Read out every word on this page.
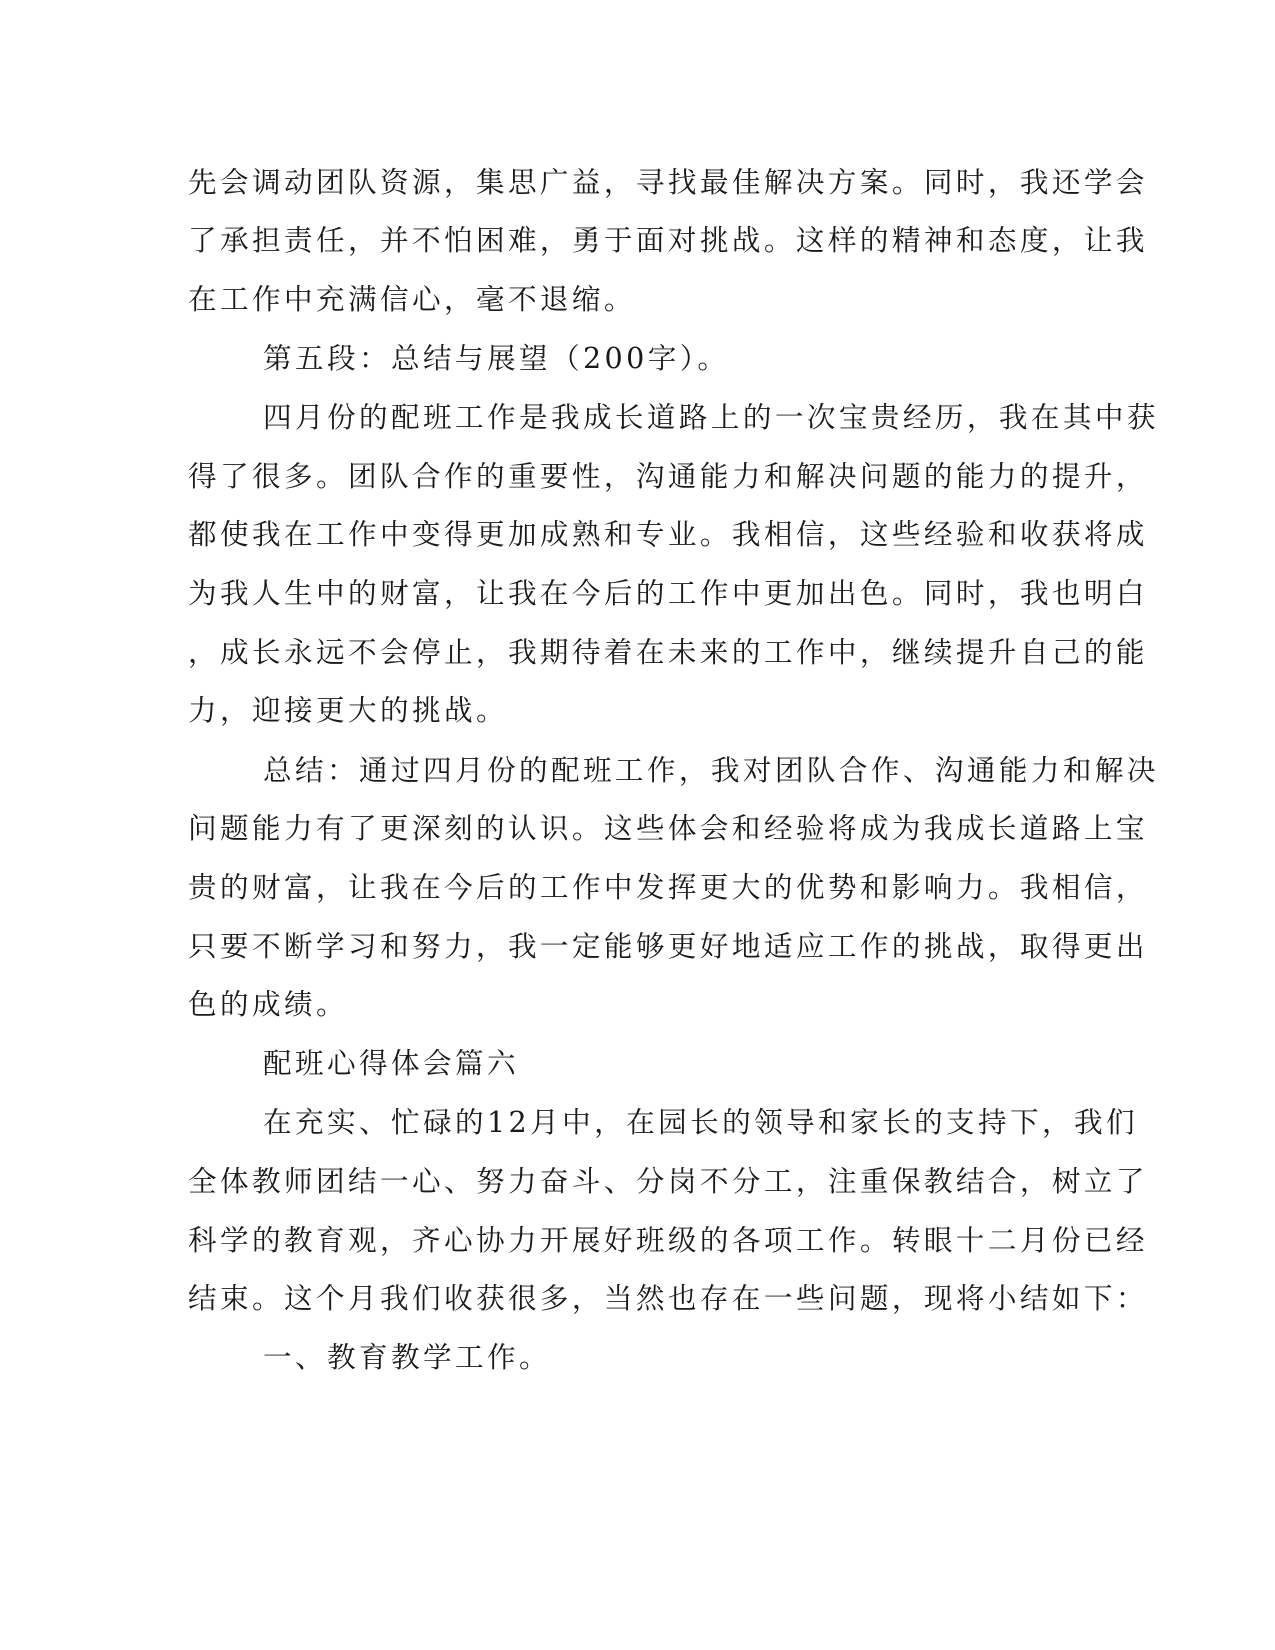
先会调动团队资源，集思广益，寻找最佳解决方案。同时，我还学会
了承担责任，并不怕困难，勇于面对挑战。这样的精神和态度，让我
在工作中充满信心，毫不退缩。
第五段：总结与展望（200字）。
四月份的配班工作是我成长道路上的一次宝贵经历，我在其中获
得了很多。团队合作的重要性，沟通能力和解决问题的能力的提升，
都使我在工作中变得更加成熟和专业。我相信，这些经验和收获将成
为我人生中的财富，让我在今后的工作中更加出色。同时，我也明白
，成长永远不会停止，我期待着在未来的工作中，继续提升自己的能
力，迎接更大的挑战。
总结：通过四月份的配班工作，我对团队合作、沟通能力和解决
问题能力有了更深刻的认识。这些体会和经验将成为我成长道路上宝
贵的财富，让我在今后的工作中发挥更大的优势和影响力。我相信，
只要不断学习和努力，我一定能够更好地适应工作的挑战，取得更出
色的成绩。
配班心得体会篇六
在充实、忙碌的12月中，在园长的领导和家长的支持下，我们
全体教师团结一心、努力奋斗、分岗不分工，注重保教结合，树立了
科学的教育观，齐心协力开展好班级的各项工作。转眼十二月份已经
结束。这个月我们收获很多，当然也存在一些问题，现将小结如下：
一、教育教学工作。
